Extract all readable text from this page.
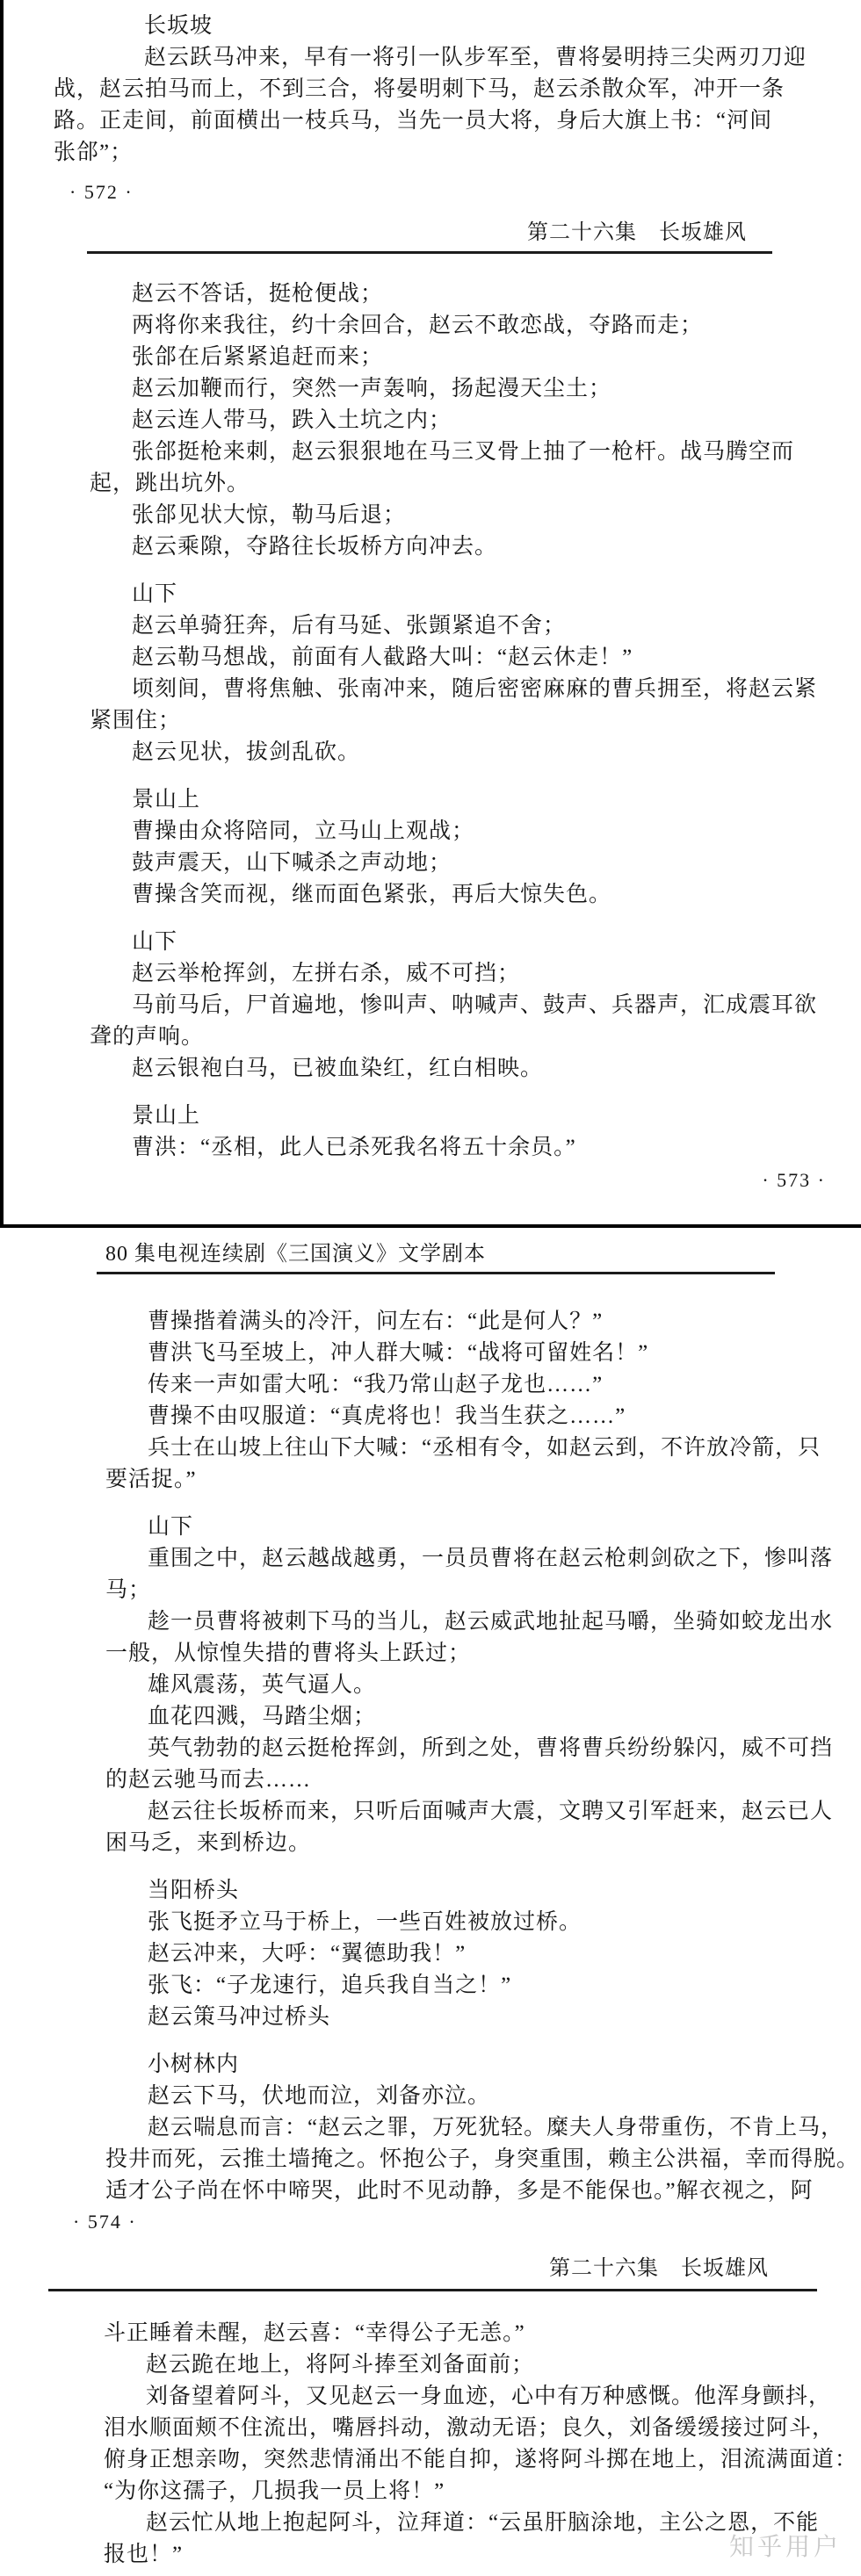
长坂坡
赵云跃马冲来，早有一将引一队步军至，曹将晏明持三尖两刃刀迎
战，赵云拍马而上，不到三合，将晏明刺下马，赵云杀散众军，冲开一条
路。正走间，前面横出一枝兵马，当先一员大将，身后大旗上书：“河间
张郃”；
· 572 ·
第二十六集　长坂雄风
赵云不答话，挺枪便战；
两将你来我往，约十余回合，赵云不敢恋战，夺路而走；
张郃在后紧紧追赶而来；
赵云加鞭而行，突然一声轰响，扬起漫天尘土；
赵云连人带马，跌入土坑之内；
张郃挺枪来刺，赵云狠狠地在马三叉骨上抽了一枪杆。战马腾空而
起，跳出坑外。
张郃见状大惊，勒马后退；
赵云乘隙，夺路往长坂桥方向冲去。
山下
赵云单骑狂奔，后有马延、张顗紧追不舍；
赵云勒马想战，前面有人截路大叫：“赵云休走！”
顷刻间，曹将焦触、张南冲来，随后密密麻麻的曹兵拥至，将赵云紧
紧围住；
赵云见状，拔剑乱砍。
景山上
曹操由众将陪同，立马山上观战；
鼓声震天，山下喊杀之声动地；
曹操含笑而视，继而面色紧张，再后大惊失色。
山下
赵云举枪挥剑，左拼右杀，威不可挡；
马前马后，尸首遍地，惨叫声、呐喊声、鼓声、兵器声，汇成震耳欲
聋的声响。
赵云银袍白马，已被血染红，红白相映。
景山上
曹洪：“丞相，此人已杀死我名将五十余员。”
· 573 ·
80 集电视连续剧《三国演义》文学剧本
曹操揩着满头的冷汗，问左右：“此是何人？”
曹洪飞马至坡上，冲人群大喊：“战将可留姓名！”
传来一声如雷大吼：“我乃常山赵子龙也……”
曹操不由叹服道：“真虎将也！我当生获之……”
兵士在山坡上往山下大喊：“丞相有令，如赵云到，不许放冷箭，只
要活捉。”
山下
重围之中，赵云越战越勇，一员员曹将在赵云枪刺剑砍之下，惨叫落
马；
趁一员曹将被刺下马的当儿，赵云威武地扯起马嚼，坐骑如蛟龙出水
一般，从惊惶失措的曹将头上跃过；
雄风震荡，英气逼人。
血花四溅，马踏尘烟；
英气勃勃的赵云挺枪挥剑，所到之处，曹将曹兵纷纷躲闪，威不可挡
的赵云驰马而去……
赵云往长坂桥而来，只听后面喊声大震，文聘又引军赶来，赵云已人
困马乏，来到桥边。
当阳桥头
张飞挺矛立马于桥上，一些百姓被放过桥。
赵云冲来，大呼：“翼德助我！”
张飞：“子龙速行，追兵我自当之！”
赵云策马冲过桥头
小树林内
赵云下马，伏地而泣，刘备亦泣。
赵云喘息而言：“赵云之罪，万死犹轻。糜夫人身带重伤，不肯上马，
投井而死，云推土墙掩之。怀抱公子，身突重围，赖主公洪福，幸而得脱。
适才公子尚在怀中啼哭，此时不见动静，多是不能保也。”解衣视之，阿
· 574 ·
第二十六集　长坂雄风
斗正睡着未醒，赵云喜：“幸得公子无恙。”
赵云跪在地上，将阿斗捧至刘备面前；
刘备望着阿斗，又见赵云一身血迹，心中有万种感慨。他浑身颤抖，
泪水顺面颊不住流出，嘴唇抖动，激动无语；良久，刘备缓缓接过阿斗，
俯身正想亲吻，突然悲情涌出不能自抑，遂将阿斗掷在地上，泪流满面道：
“为你这孺子，几损我一员上将！”
赵云忙从地上抱起阿斗，泣拜道：“云虽肝脑涂地，主公之恩，不能
报也！”	知乎用户
